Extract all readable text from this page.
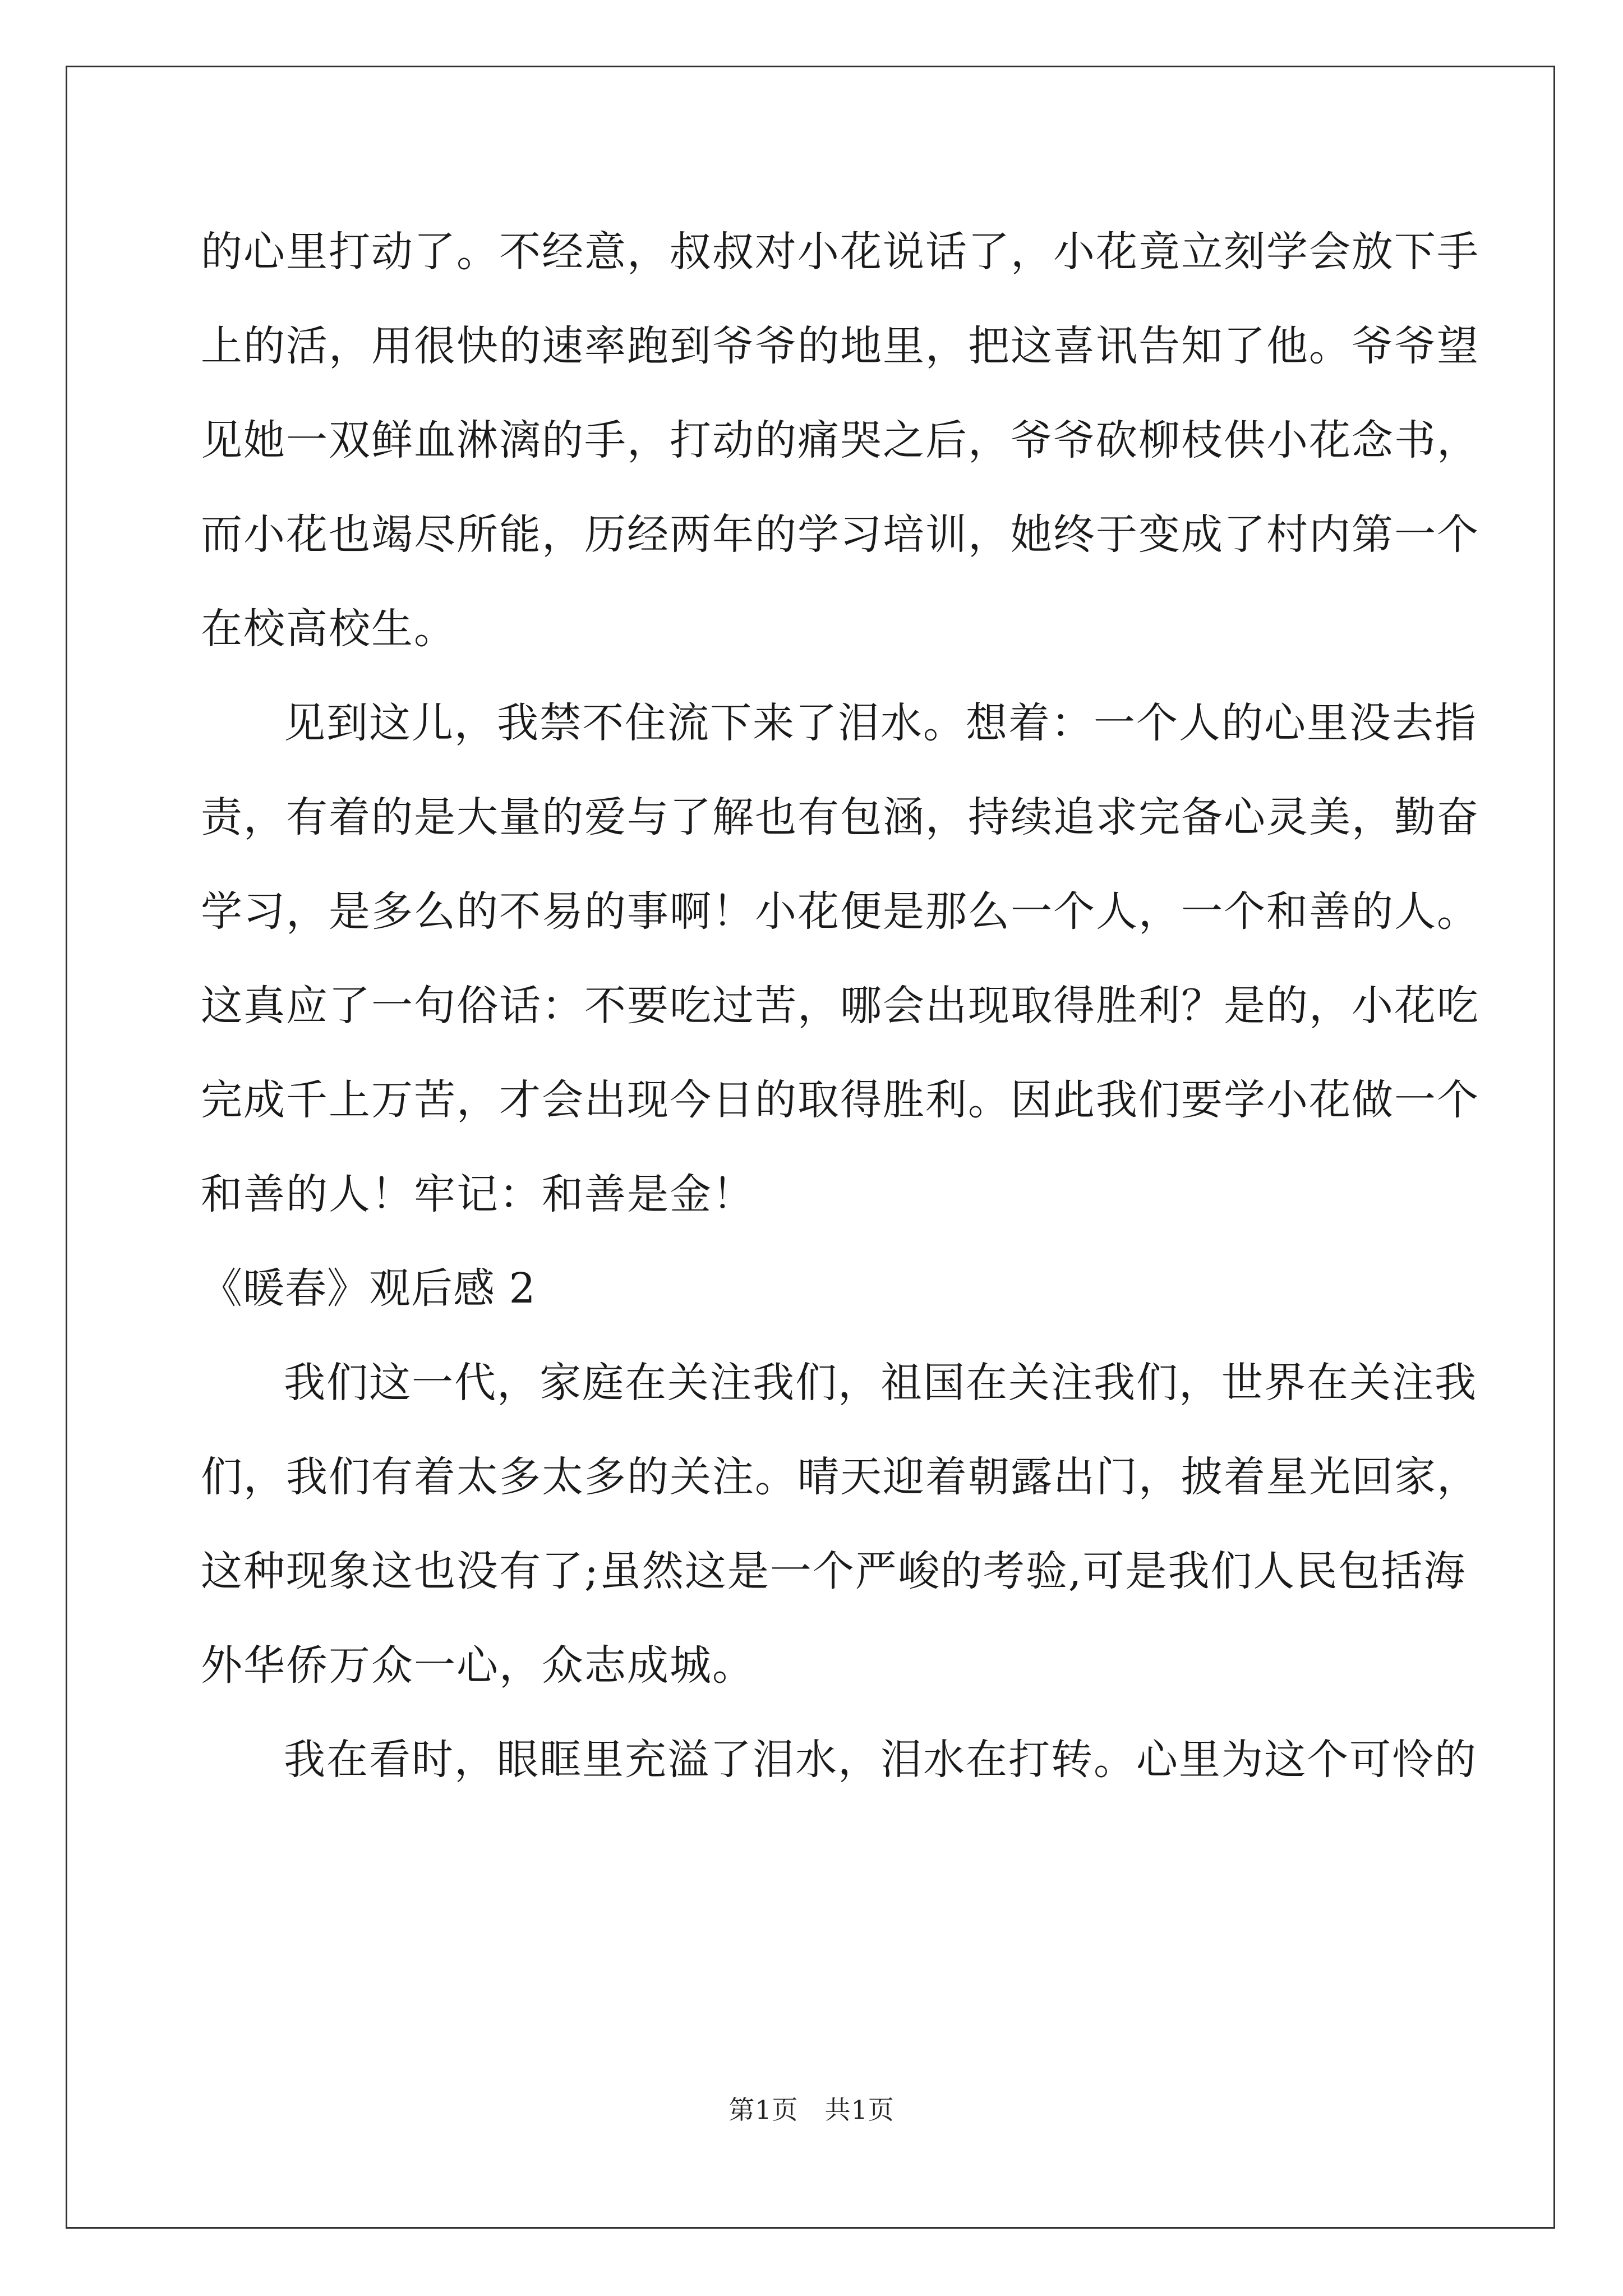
的心里打动了。不经意，叔叔对小花说话了，小花竟立刻学会放下手
上的活，用很快的速率跑到爷爷的地里，把这喜讯告知了他。爷爷望
见她一双鲜血淋漓的手，打动的痛哭之后，爷爷砍柳枝供小花念书，
而小花也竭尽所能，历经两年的学习培训，她终于变成了村内第一个
在校高校生。
见到这儿，我禁不住流下来了泪水。想着：一个人的心里没去指
责，有着的是大量的爱与了解也有包涵，持续追求完备心灵美，勤奋
学习，是多么的不易的事啊！小花便是那么一个人，一个和善的人。
这真应了一句俗话：不要吃过苦，哪会出现取得胜利？是的，小花吃
完成千上万苦，才会出现今日的取得胜利。因此我们要学小花做一个
和善的人！牢记：和善是金！
《暖春》观后感 2
我们这一代，家庭在关注我们，祖国在关注我们，世界在关注我
们，我们有着太多太多的关注。晴天迎着朝露出门，披着星光回家，
这种现象这也没有了;虽然这是一个严峻的考验,可是我们人民包括海
外华侨万众一心，众志成城。
我在看时，眼眶里充溢了泪水，泪水在打转。心里为这个可怜的
第1页　共1页
